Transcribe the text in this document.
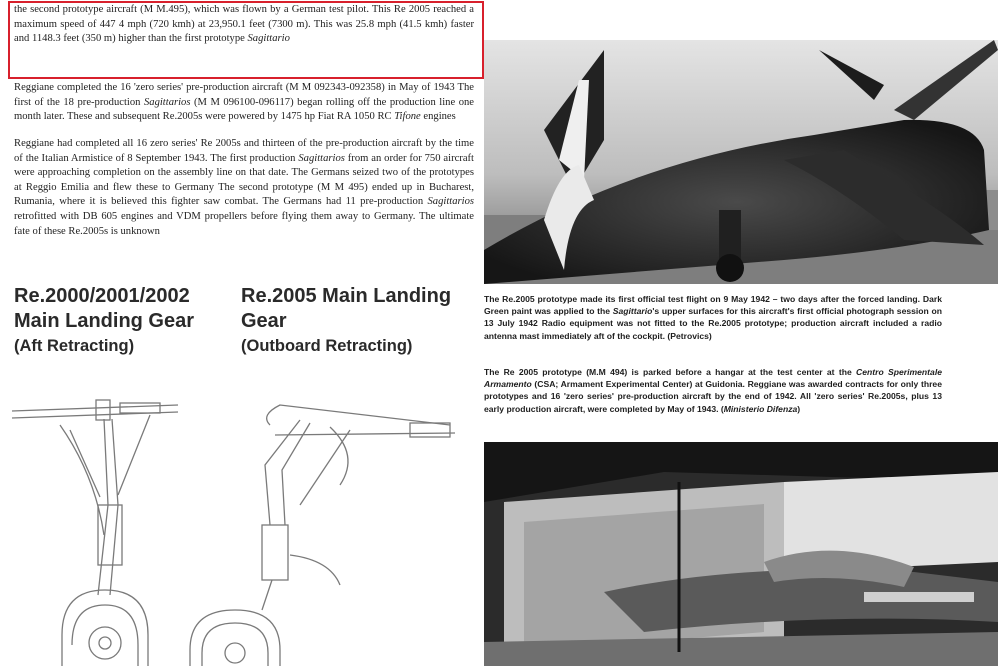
the second prototype aircraft (M M.495), which was flown by a German test pilot. This Re 2005 reached a maximum speed of 447 4 mph (720 kmh) at 23,950.1 feet (7300 m). This was 25.8 mph (41.5 kmh) faster and 1148.3 feet (350 m) higher than the first prototype Sagittario
Reggiane completed the 16 'zero series' pre-production aircraft (M M 092343-092358) in May of 1943 The first of the 18 pre-production Sagittarios (M M 096100-096117) began rolling off the production line one month later. These and subsequent Re.2005s were powered by 1475 hp Fiat RA 1050 RC Tifone engines
Reggiane had completed all 16 zero series' Re 2005s and thirteen of the pre-production aircraft by the time of the Italian Armistice of 8 September 1943. The first production Sagittarios from an order for 750 aircraft were approaching completion on the assembly line on that date. The Germans seized two of the prototypes at Reggio Emilia and flew these to Germany The second prototype (M M 495) ended up in Bucharest, Rumania, where it is believed this fighter saw combat. The Germans had 11 pre-production Sagittarios retrofitted with DB 605 engines and VDM propellers before flying them away to Germany. The ultimate fate of these Re.2005s is unknown
Re.2000/2001/2002 Main Landing Gear
(Aft Retracting)
Re.2005 Main Landing Gear
(Outboard Retracting)
The Re.2005 prototype made its first official test flight on 9 May 1942 – two days after the forced landing. Dark Green paint was applied to the Sagittario's upper surfaces for this aircraft's first official photograph session on 13 July 1942 Radio equipment was not fitted to the Re.2005 prototype; production aircraft included a radio antenna mast immediately aft of the cockpit. (Petrovics)
The Re 2005 prototype (M.M 494) is parked before a hangar at the test center at the Centro Sperimentale Armamento (CSA; Armament Experimental Center) at Guidonia. Reggiane was awarded contracts for only three prototypes and 16 'zero series' pre-production aircraft by the end of 1942. All 'zero series' Re.2005s, plus 13 early production aircraft, were completed by May of 1943. (Ministerio Difenza)
